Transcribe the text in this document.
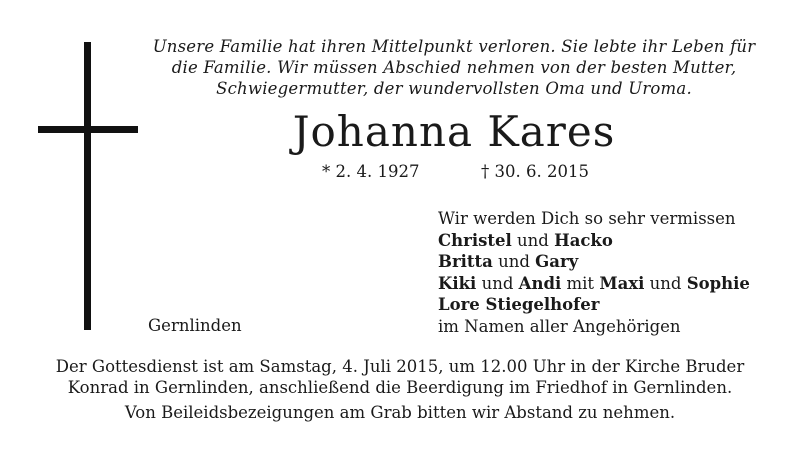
Unsere Familie hat ihren Mittelpunkt verloren. Sie lebte ihr Leben für
die Familie. Wir müssen Abschied nehmen von der besten Mutter,
Schwiegermutter, der wundervollsten Oma und Uroma.
Johanna Kares
* 2. 4. 1927	† 30. 6. 2015
Wir werden Dich so sehr vermissen
Christel und Hacko
Britta und Gary
Kiki und Andi mit Maxi und Sophie
Lore Stiegelhofer
im Namen aller Angehörigen
Gernlinden
Der Gottesdienst ist am Samstag, 4. Juli 2015, um 12.00 Uhr in der Kirche Bruder
Konrad in Gernlinden, anschließend die Beerdigung im Friedhof in Gernlinden.
Von Beileidsbezeigungen am Grab bitten wir Abstand zu nehmen.
